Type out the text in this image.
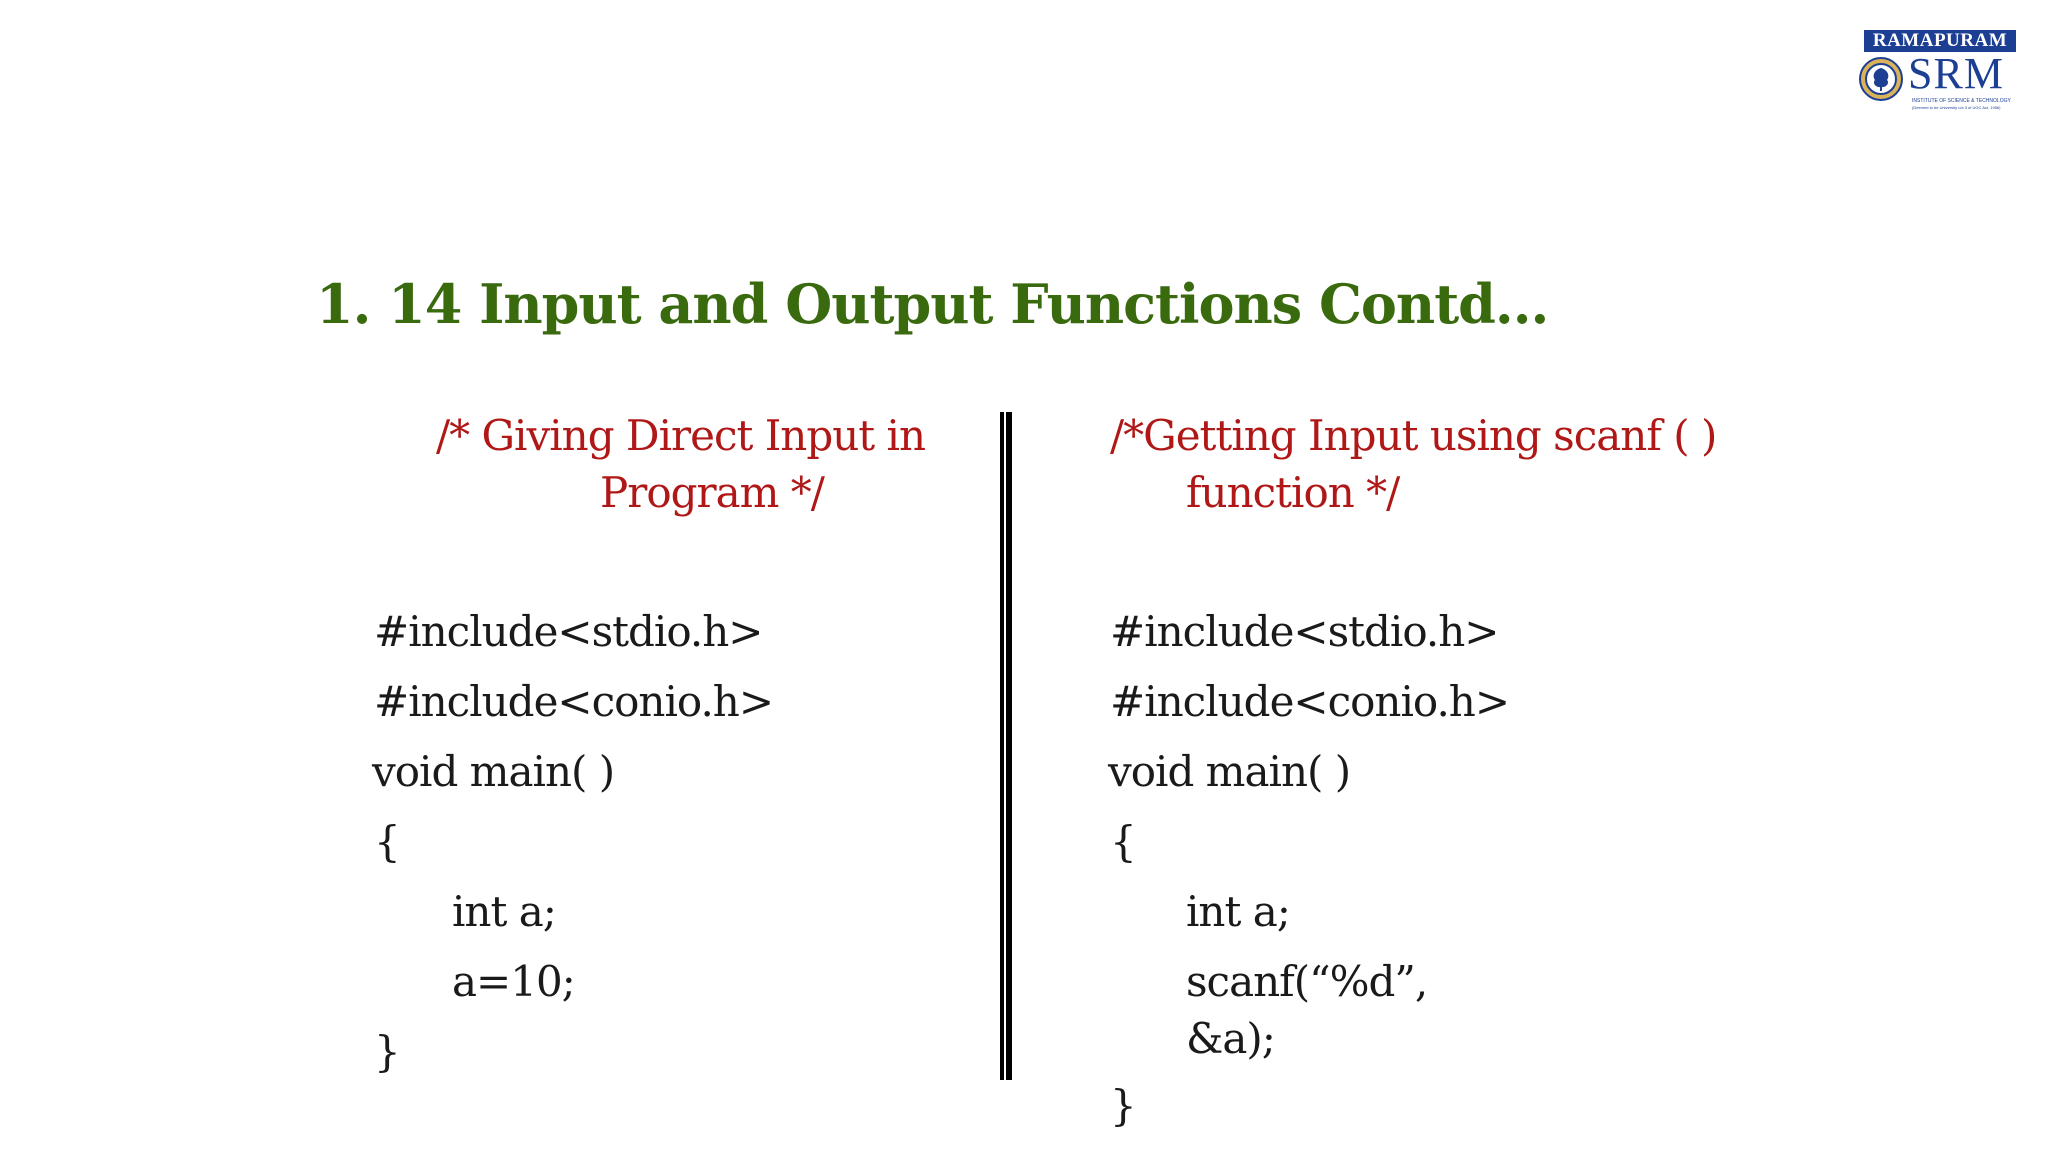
RAMAPURAM
SRM
INSTITUTE OF SCIENCE & TECHNOLOGY
(Deemed to be University u/s 3 of UGC Act, 1956)
1. 14 Input and Output Functions Contd...
/* Giving Direct Input in
Program */
#include<stdio.h>
#include<conio.h>
void main( )
{
int a;
a=10;
}
/*Getting Input using scanf ( )
function */
#include<stdio.h>
#include<conio.h>
void main( )
{
int a;
scanf(“%d”,
&a);
}
